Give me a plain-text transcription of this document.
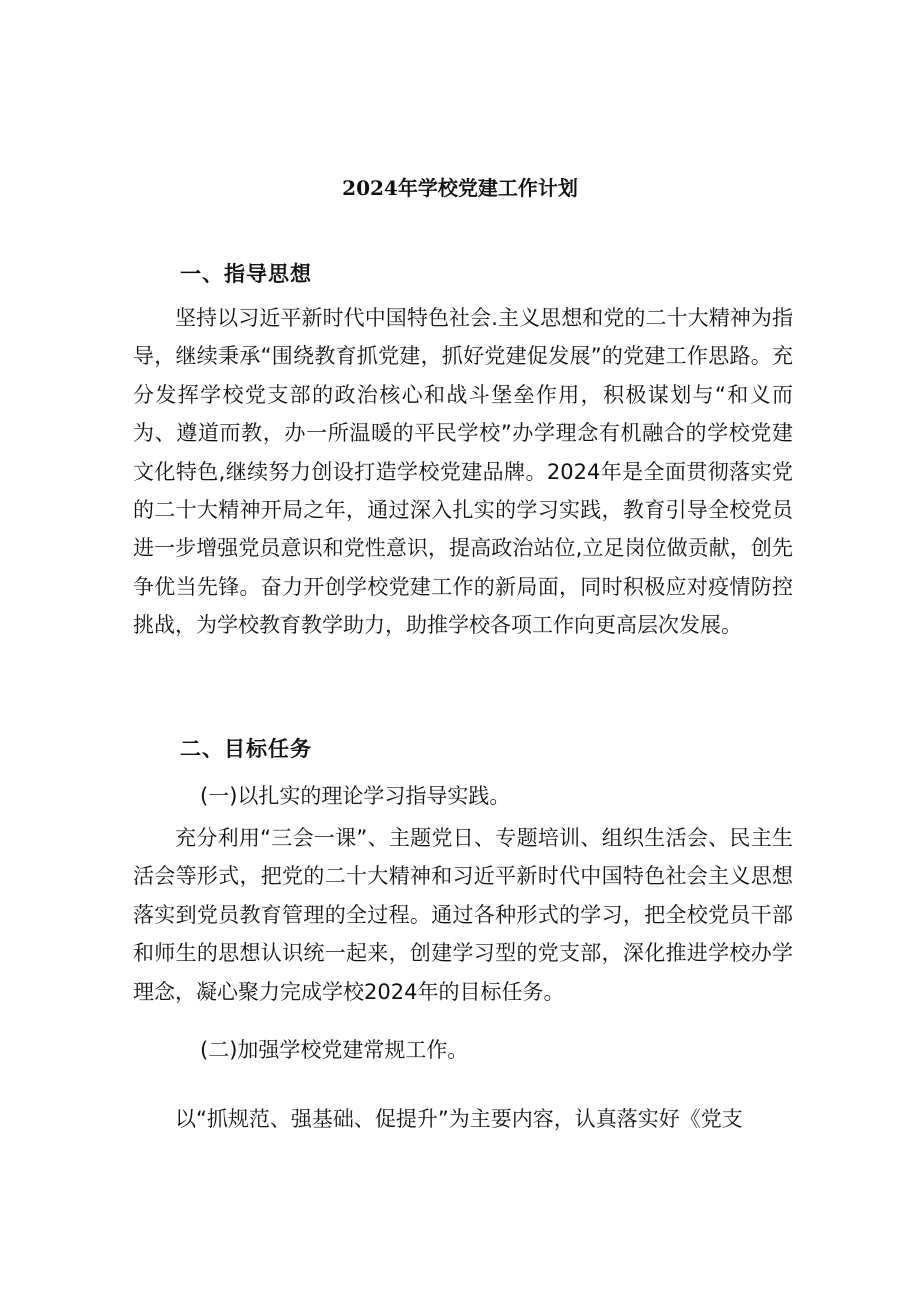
2024年学校党建工作计划
一、指导思想

坚持以习近平新时代中国特色社会.主义思想和党的二十大精神为指导，继续秉承“围绕教育抓党建，抓好党建促发展”的党建工作思路。充分发挥学校党支部的政治核心和战斗堡垒作用，积极谋划与“和义而为、遵道而教，办一所温暖的平民学校”办学理念有机融合的学校党建文化特色,继续努力创设打造学校党建品牌。2024年是全面贯彻落实党的二十大精神开局之年，通过深入扎实的学习实践，教育引导全校党员进一步增强党员意识和党性意识，提高政治站位,立足岗位做贡献，创先争优当先锋。奋力开创学校党建工作的新局面，同时积极应对疫情防控挑战，为学校教育教学助力，助推学校各项工作向更高层次发展。

二、目标任务
(一)以扎实的理论学习指导实践。

充分利用“三会一课”、主题党日、专题培训、组织生活会、民主生活会等形式，把党的二十大精神和习近平新时代中国特色社会主义思想落实到党员教育管理的全过程。通过各种形式的学习，把全校党员干部和师生的思想认识统一起来，创建学习型的党支部，深化推进学校办学理念，凝心聚力完成学校2024年的目标任务。

(二)加强学校党建常规工作。

以“抓规范、强基础、促提升”为主要内容，认真落实好《党支
